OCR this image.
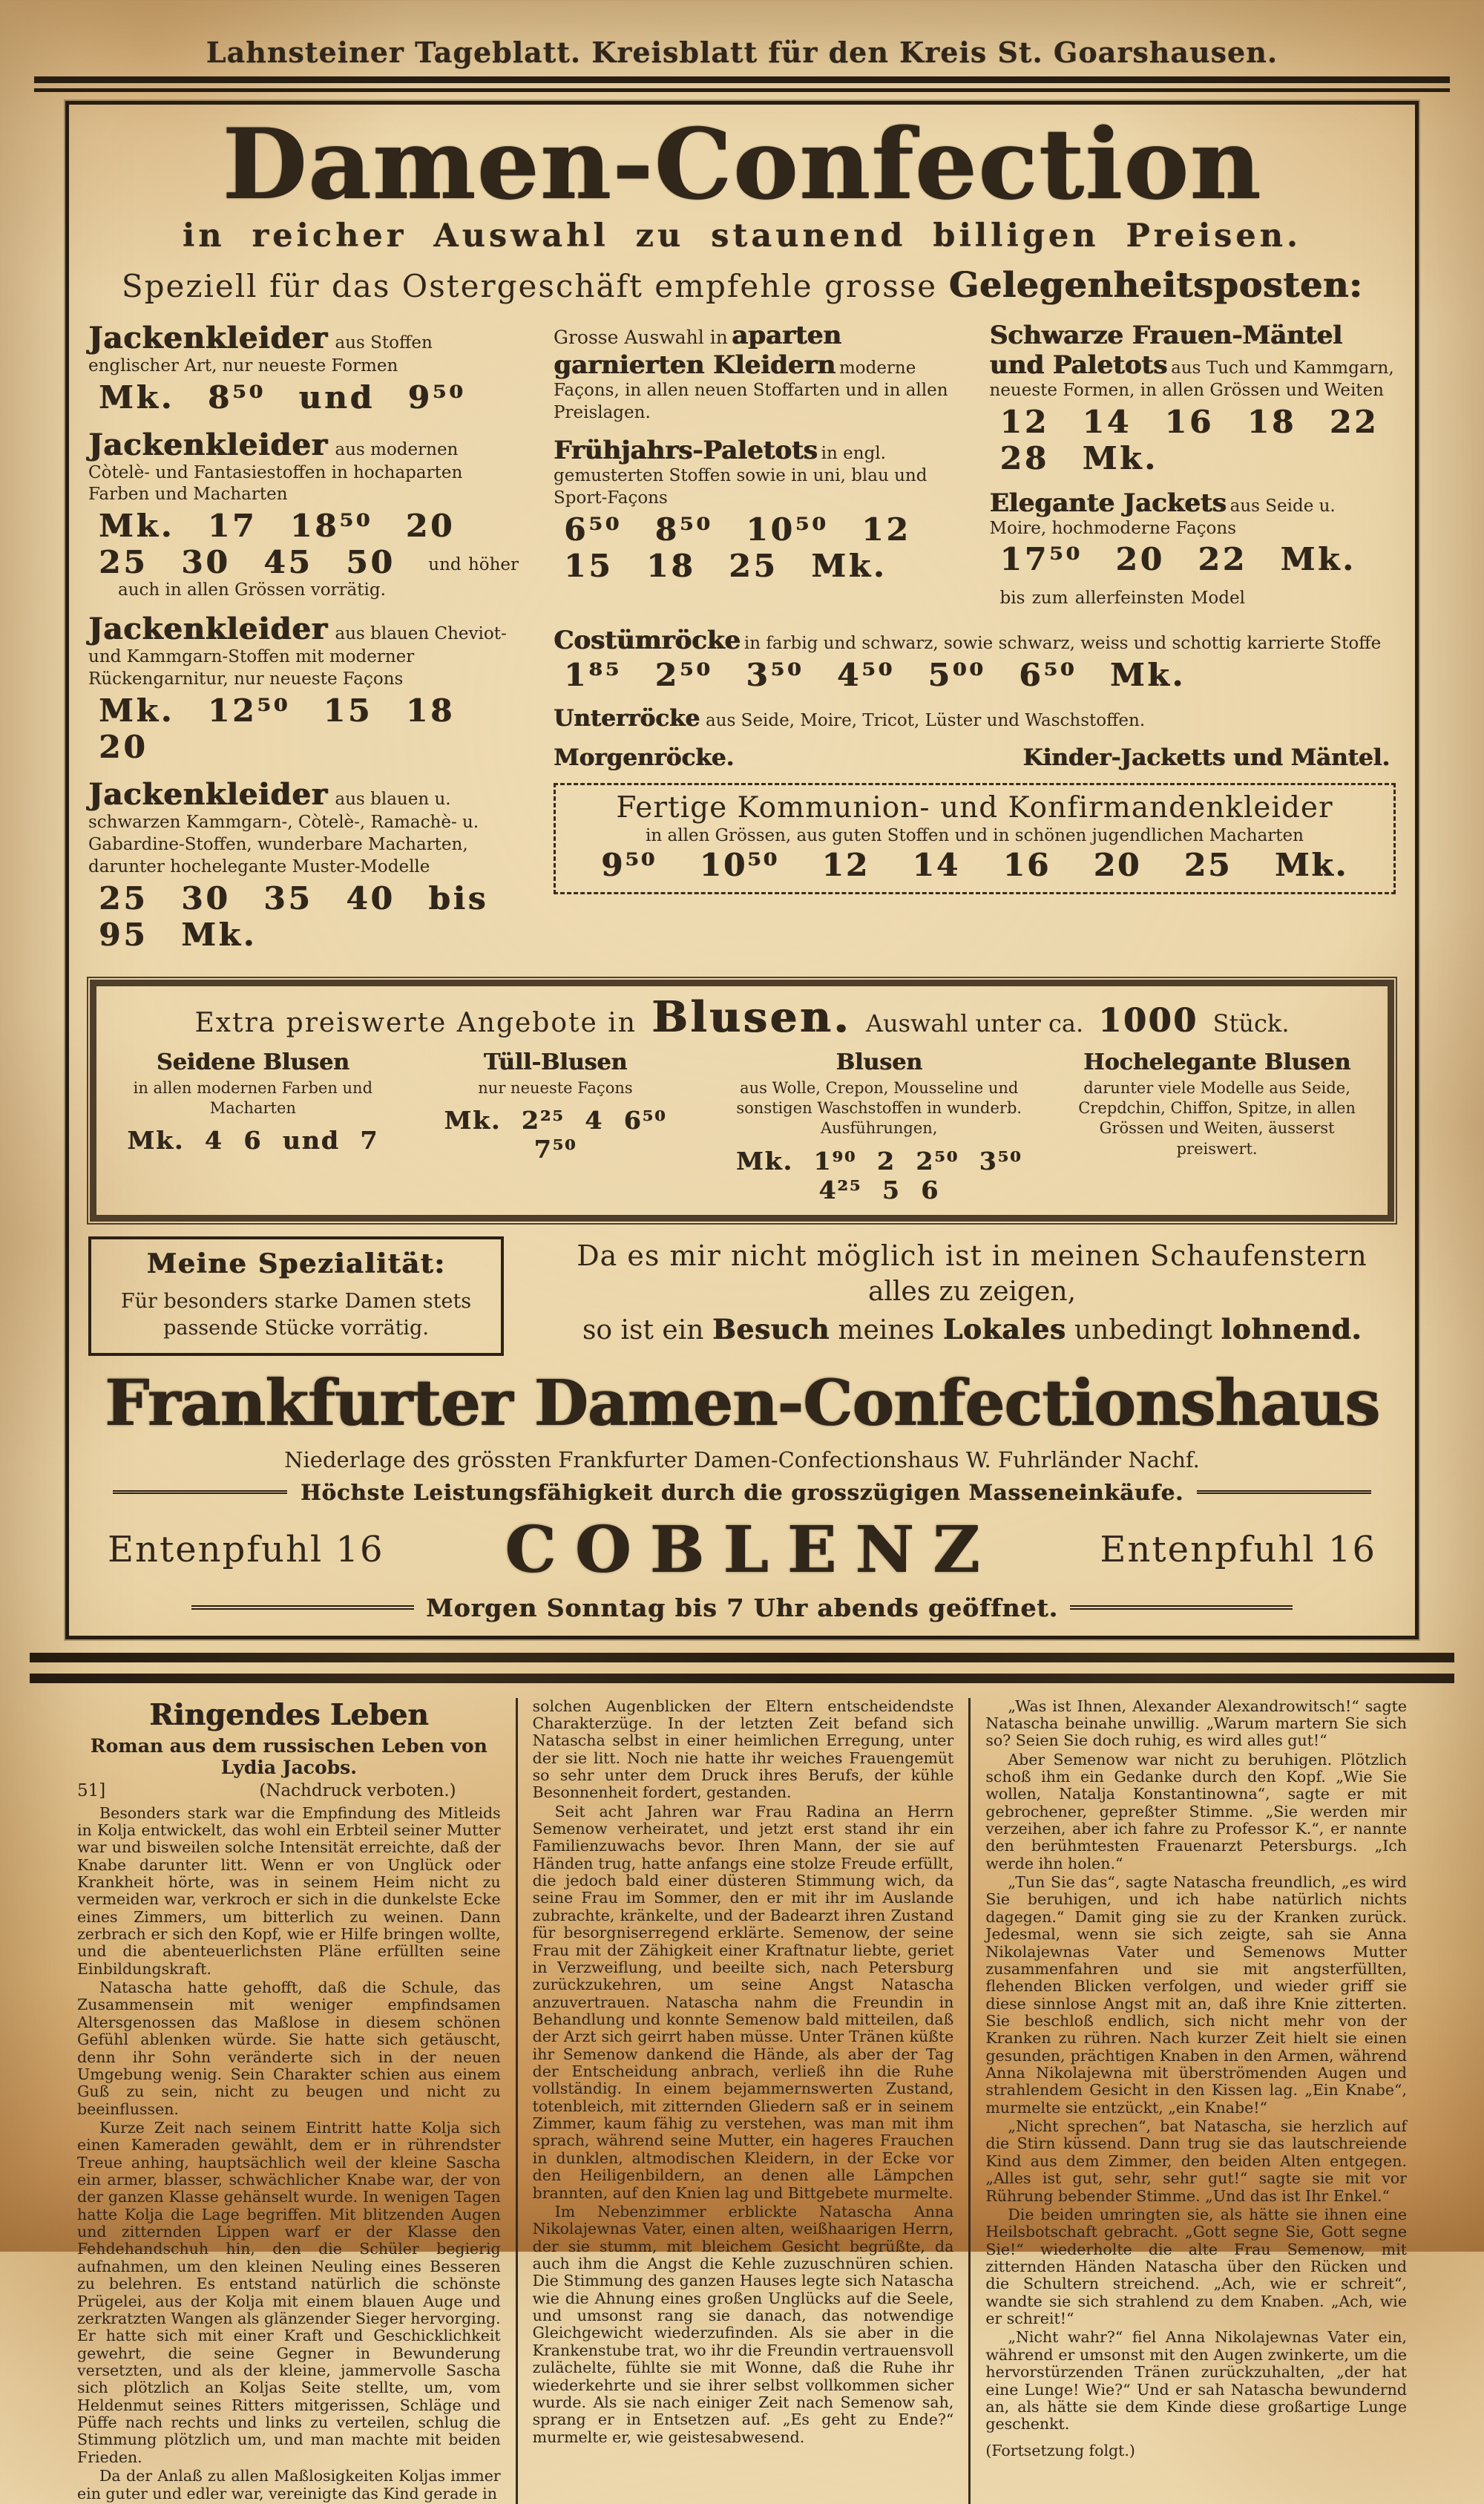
Lahnsteiner Tageblatt. Kreisblatt für den Kreis St. Goarshausen.
Damen-Confection
in reicher Auswahl zu staunend billigen Preisen.
Speziell für das Ostergeschäft empfehle grosse Gelegenheitsposten:
Jackenkleider aus Stoffen englischer Art, nur neueste Formen
Mk. 8⁵⁰ und 9⁵⁰
Jackenkleider aus modernen Còtelè- und Fantasiestoffen in hochaparten Farben und Macharten
Mk. 17 18⁵⁰ 20 25 30 45 50 und höher
auch in allen Grössen vorrätig.
Jackenkleider aus blauen Cheviot- und Kammgarn-Stoffen mit moderner Rückengarnitur, nur neueste Façons
Mk. 12⁵⁰ 15 18 20
Jackenkleider aus blauen u. schwarzen Kammgarn-, Còtelè-, Ramachè- u. Gabardine-Stoffen, wunderbare Macharten, darunter hochelegante Muster-Modelle
25 30 35 40 bis 95 Mk.
Grosse Auswahl in aparten garnierten Kleidern moderne Façons, in allen neuen Stoffarten und in allen Preislagen.
Frühjahrs-Paletots in engl. gemusterten Stoffen sowie in uni, blau und Sport-Façons
6⁵⁰ 8⁵⁰ 10⁵⁰ 12 15 18 25 Mk.
Schwarze Frauen-Mäntel und Paletots aus Tuch und Kammgarn, neueste Formen, in allen Grössen und Weiten
12 14 16 18 22 28 Mk.
Elegante Jackets aus Seide u. Moire, hochmoderne Façons
17⁵⁰ 20 22 Mk. bis zum allerfeinsten Model
Costümröcke in farbig und schwarz, sowie schwarz, weiss und schottig karrierte Stoffe
1⁸⁵ 2⁵⁰ 3⁵⁰ 4⁵⁰ 5⁰⁰ 6⁵⁰ Mk.
Unterröcke aus Seide, Moire, Tricot, Lüster und Waschstoffen.
Morgenröcke.	Kinder-Jacketts und Mäntel.
Fertige Kommunion- und Konfirmandenkleider
in allen Grössen, aus guten Stoffen und in schönen jugendlichen Macharten
9⁵⁰ 10⁵⁰ 12 14 16 20 25 Mk.
Extra preiswerte Angebote in Blusen. Auswahl unter ca. 1000 Stück.
Seidene Blusen
in allen modernen Farben und Macharten
Mk. 4 6 und 7
Tüll-Blusen
nur neueste Façons
Mk. 2²⁵ 4 6⁵⁰ 7⁵⁰
Blusen
aus Wolle, Crepon, Mousseline und sonstigen Waschstoffen in wunderb. Ausführungen,
Mk. 1⁹⁰ 2 2⁵⁰ 3⁵⁰ 4²⁵ 5 6
Hochelegante Blusen
darunter viele Modelle aus Seide, Crepdchin, Chiffon, Spitze, in allen Grössen und Weiten, äusserst preiswert.
Meine Spezialität:
Für besonders starke Damen stets passende Stücke vorrätig.
Da es mir nicht möglich ist in meinen Schaufenstern
alles zu zeigen,
so ist ein Besuch meines Lokales unbedingt lohnend.
Frankfurter Damen-Confectionshaus
Niederlage des grössten Frankfurter Damen-Confectionshaus W. Fuhrländer Nachf.
Höchste Leistungsfähigkeit durch die grosszügigen Masseneinkäufe.
Entenpfuhl 16	COBLENZ	Entenpfuhl 16
Morgen Sonntag bis 7 Uhr abends geöffnet.
Ringendes Leben
Roman aus dem russischen Leben von Lydia Jacobs.
51]	(Nachdruck verboten.)

Besonders stark war die Empfindung des Mitleids in Kolja entwickelt, das wohl ein Erbteil seiner Mutter war und bisweilen solche Intensität erreichte, daß der Knabe darunter litt. Wenn er von Unglück oder Krankheit hörte, was in seinem Heim nicht zu vermeiden war, verkroch er sich in die dunkelste Ecke eines Zimmers, um bitterlich zu weinen. Dann zerbrach er sich den Kopf, wie er Hilfe bringen wollte, und die abenteuerlichsten Pläne erfüllten seine Einbildungskraft.

Natascha hatte gehofft, daß die Schule, das Zusammensein mit weniger empfindsamen Altersgenossen das Maßlose in diesem schönen Gefühl ablenken würde. Sie hatte sich getäuscht, denn ihr Sohn veränderte sich in der neuen Umgebung wenig. Sein Charakter schien aus einem Guß zu sein, nicht zu beugen und nicht zu beeinflussen.

Kurze Zeit nach seinem Eintritt hatte Kolja sich einen Kameraden gewählt, dem er in rührendster Treue anhing, hauptsächlich weil der kleine Sascha ein armer, blasser, schwächlicher Knabe war, der von der ganzen Klasse gehänselt wurde. In wenigen Tagen hatte Kolja die Lage begriffen. Mit blitzenden Augen und zitternden Lippen warf er der Klasse den Fehdehandschuh hin, den die Schüler begierig aufnahmen, um den kleinen Neuling eines Besseren zu belehren. Es entstand natürlich die schönste Prügelei, aus der Kolja mit einem blauen Auge und zerkratzten Wangen als glänzender Sieger hervorging. Er hatte sich mit einer Kraft und Geschicklichkeit gewehrt, die seine Gegner in Bewunderung versetzten, und als der kleine, jammervolle Sascha sich plötzlich an Koljas Seite stellte, um, vom Heldenmut seines Ritters mitgerissen, Schläge und Püffe nach rechts und links zu verteilen, schlug die Stimmung plötzlich um, und man machte mit beiden Frieden.

Da der Anlaß zu allen Maßlosigkeiten Koljas immer ein guter und edler war, vereinigte das Kind gerade in

solchen Augenblicken der Eltern entscheidendste Charakterzüge. In der letzten Zeit befand sich Natascha selbst in einer heimlichen Erregung, unter der sie litt. Noch nie hatte ihr weiches Frauengemüt so sehr unter dem Druck ihres Berufs, der kühle Besonnenheit fordert, gestanden.

Seit acht Jahren war Frau Radina an Herrn Semenow verheiratet, und jetzt erst stand ihr ein Familienzuwachs bevor. Ihren Mann, der sie auf Händen trug, hatte anfangs eine stolze Freude erfüllt, die jedoch bald einer düsteren Stimmung wich, da seine Frau im Sommer, den er mit ihr im Auslande zubrachte, kränkelte, und der Badearzt ihren Zustand für besorgniserregend erklärte. Semenow, der seine Frau mit der Zähigkeit einer Kraftnatur liebte, geriet in Verzweiflung, und beeilte sich, nach Petersburg zurückzukehren, um seine Angst Natascha anzuvertrauen. Natascha nahm die Freundin in Behandlung und konnte Semenow bald mitteilen, daß der Arzt sich geirrt haben müsse. Unter Tränen küßte ihr Semenow dankend die Hände, als aber der Tag der Entscheidung anbrach, verließ ihn die Ruhe vollständig. In einem bejammernswerten Zustand, totenbleich, mit zitternden Gliedern saß er in seinem Zimmer, kaum fähig zu verstehen, was man mit ihm sprach, während seine Mutter, ein hageres Frauchen in dunklen, altmodischen Kleidern, in der Ecke vor den Heiligenbildern, an denen alle Lämpchen brannten, auf den Knien lag und Bittgebete murmelte.

Im Nebenzimmer erblickte Natascha Anna Nikolajewnas Vater, einen alten, weißhaarigen Herrn, der sie stumm, mit bleichem Gesicht begrüßte, da auch ihm die Angst die Kehle zuzuschnüren schien. Die Stimmung des ganzen Hauses legte sich Natascha wie die Ahnung eines großen Unglücks auf die Seele, und umsonst rang sie danach, das notwendige Gleichgewicht wiederzufinden. Als sie aber in die Krankenstube trat, wo ihr die Freundin vertrauensvoll zulächelte, fühlte sie mit Wonne, daß die Ruhe ihr wiederkehrte und sie ihrer selbst vollkommen sicher wurde. Als sie nach einiger Zeit nach Semenow sah, sprang er in Entsetzen auf. „Es geht zu Ende?“ murmelte er, wie geistesabwesend.

„Was ist Ihnen, Alexander Alexandrowitsch!“ sagte Natascha beinahe unwillig. „Warum martern Sie sich so? Seien Sie doch ruhig, es wird alles gut!“

Aber Semenow war nicht zu beruhigen. Plötzlich schoß ihm ein Gedanke durch den Kopf. „Wie Sie wollen, Natalja Konstantinowna“, sagte er mit gebrochener, gepreßter Stimme. „Sie werden mir verzeihen, aber ich fahre zu Professor K.“, er nannte den berühmtesten Frauenarzt Petersburgs. „Ich werde ihn holen.“

„Tun Sie das“, sagte Natascha freundlich, „es wird Sie beruhigen, und ich habe natürlich nichts dagegen.“ Damit ging sie zu der Kranken zurück. Jedesmal, wenn sie sich zeigte, sah sie Anna Nikolajewnas Vater und Semenows Mutter zusammenfahren und sie mit angsterfüllten, flehenden Blicken verfolgen, und wieder griff sie diese sinnlose Angst mit an, daß ihre Knie zitterten. Sie beschloß endlich, sich nicht mehr von der Kranken zu rühren. Nach kurzer Zeit hielt sie einen gesunden, prächtigen Knaben in den Armen, während Anna Nikolajewna mit überströmenden Augen und strahlendem Gesicht in den Kissen lag. „Ein Knabe“, murmelte sie entzückt, „ein Knabe!“

„Nicht sprechen“, bat Natascha, sie herzlich auf die Stirn küssend. Dann trug sie das lautschreiende Kind aus dem Zimmer, den beiden Alten entgegen. „Alles ist gut, sehr, sehr gut!“ sagte sie mit vor Rührung bebender Stimme. „Und das ist Ihr Enkel.“

Die beiden umringten sie, als hätte sie ihnen eine Heilsbotschaft gebracht. „Gott segne Sie, Gott segne Sie!“ wiederholte die alte Frau Semenow, mit zitternden Händen Natascha über den Rücken und die Schultern streichend. „Ach, wie er schreit“, wandte sie sich strahlend zu dem Knaben. „Ach, wie er schreit!“

„Nicht wahr?“ fiel Anna Nikolajewnas Vater ein, während er umsonst mit den Augen zwinkerte, um die hervorstürzenden Tränen zurückzuhalten, „der hat eine Lunge! Wie?“ Und er sah Natascha bewundernd an, als hätte sie dem Kinde diese großartige Lunge geschenkt.

(Fortsetzung folgt.)
